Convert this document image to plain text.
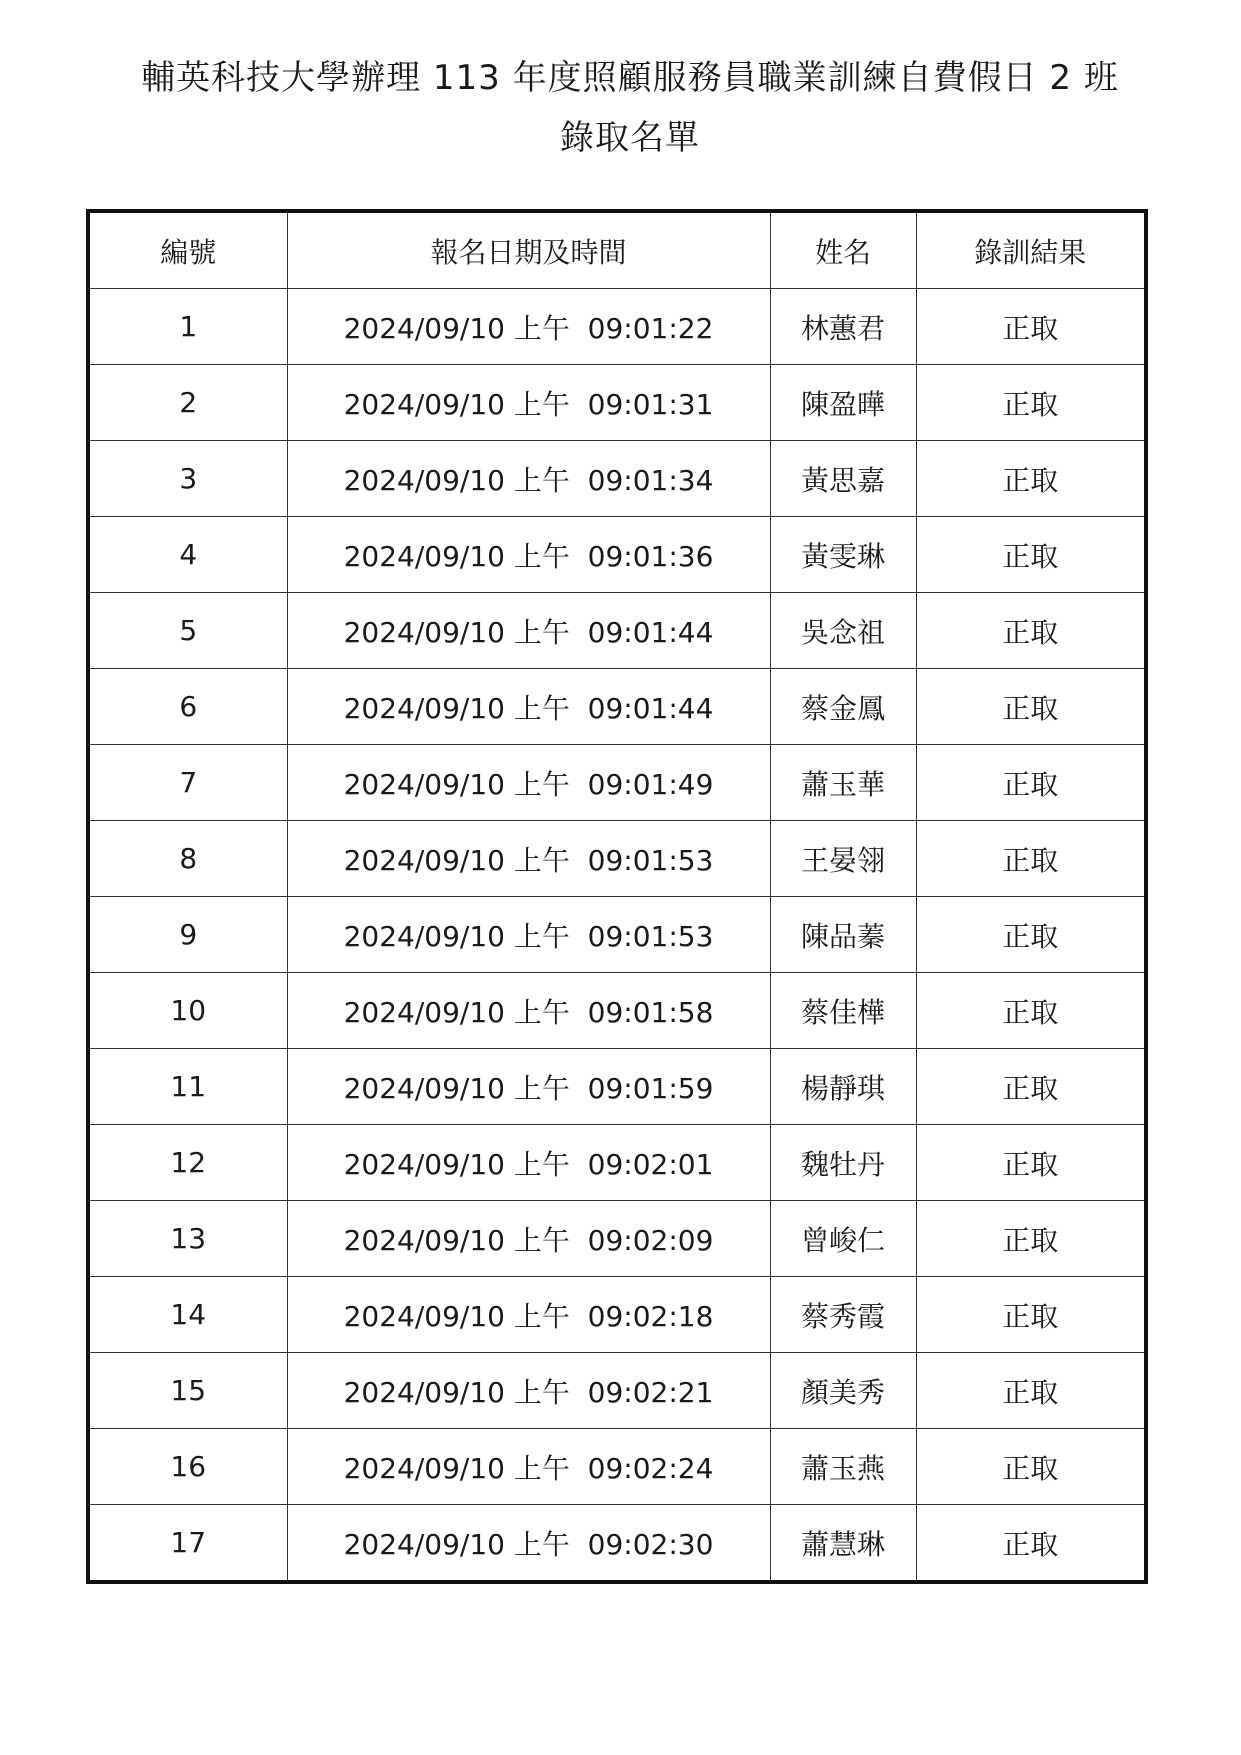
輔英科技大學辦理 113 年度照顧服務員職業訓練自費假日 2 班
錄取名單
編號	報名日期及時間	姓名	錄訓結果
1	2024/09/10 上午  09:01:22	林蕙君	正取
2	2024/09/10 上午  09:01:31	陳盈曄	正取
3	2024/09/10 上午  09:01:34	黃思嘉	正取
4	2024/09/10 上午  09:01:36	黃雯琳	正取
5	2024/09/10 上午  09:01:44	吳念祖	正取
6	2024/09/10 上午  09:01:44	蔡金鳳	正取
7	2024/09/10 上午  09:01:49	蕭玉華	正取
8	2024/09/10 上午  09:01:53	王晏翎	正取
9	2024/09/10 上午  09:01:53	陳品蓁	正取
10	2024/09/10 上午  09:01:58	蔡佳樺	正取
11	2024/09/10 上午  09:01:59	楊靜琪	正取
12	2024/09/10 上午  09:02:01	魏牡丹	正取
13	2024/09/10 上午  09:02:09	曾峻仁	正取
14	2024/09/10 上午  09:02:18	蔡秀霞	正取
15	2024/09/10 上午  09:02:21	顏美秀	正取
16	2024/09/10 上午  09:02:24	蕭玉燕	正取
17	2024/09/10 上午  09:02:30	蕭慧琳	正取
